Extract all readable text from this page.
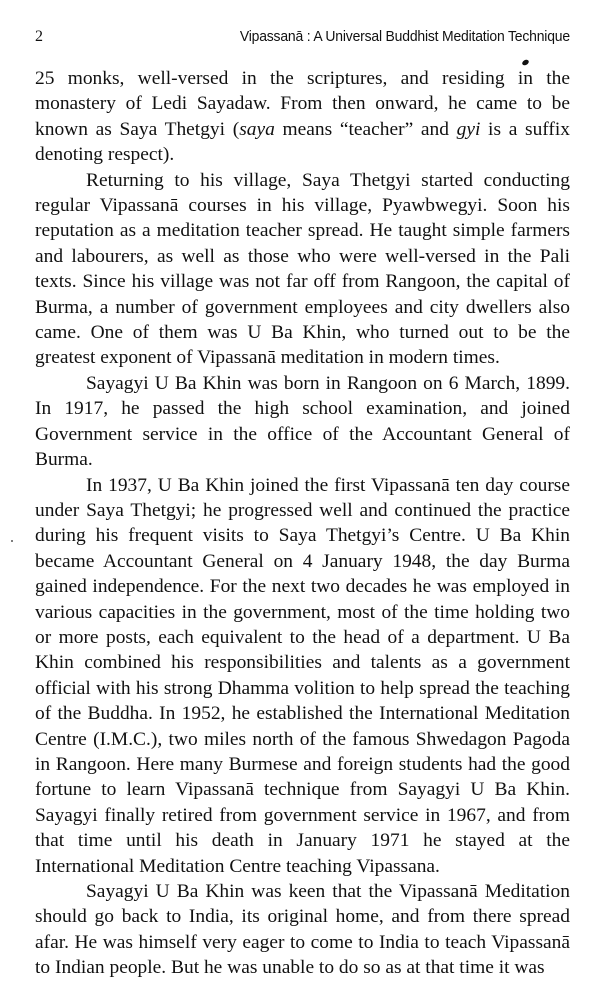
2	Vipassanā : A Universal Buddhist Meditation Technique

25 monks, well-versed in the scriptures, and residing in the monastery of Ledi Sayadaw. From then onward, he came to be known as Saya Thetgyi (saya means “teacher” and gyi is a suffix denoting respect).

Returning to his village, Saya Thetgyi started conducting regular Vipassanā courses in his village, Pyawbwegyi. Soon his reputation as a meditation teacher spread. He taught simple farmers and labourers, as well as those who were well-versed in the Pali texts. Since his village was not far off from Rangoon, the capital of Burma, a number of government employees and city dwellers also came. One of them was U Ba Khin, who turned out to be the greatest exponent of Vipassanā meditation in modern times.

Sayagyi U Ba Khin was born in Rangoon on 6 March, 1899. In 1917, he passed the high school examination, and joined Government service in the office of the Accountant General of Burma.

In 1937, U Ba Khin joined the first Vipassanā ten day course under Saya Thetgyi; he progressed well and continued the practice during his frequent visits to Saya Thetgyi’s Centre. U Ba Khin became Accountant General on 4 January 1948, the day Burma gained independence. For the next two decades he was employed in various capacities in the government, most of the time holding two or more posts, each equivalent to the head of a department. U Ba Khin combined his responsibilities and talents as a government official with his strong Dhamma volition to help spread the teaching of the Buddha. In 1952, he established the International Meditation Centre (I.M.C.), two miles north of the famous Shwedagon Pagoda in Rangoon. Here many Burmese and foreign students had the good fortune to learn Vipassanā technique from Sayagyi U Ba Khin. Sayagyi finally retired from government service in 1967, and from that time until his death in January 1971 he stayed at the International Meditation Centre teaching Vipassana.

Sayagyi U Ba Khin was keen that the Vipassanā Meditation should go back to India, its original home, and from there spread afar. He was himself very eager to come to India to teach Vipassanā to Indian people. But he was unable to do so as at that time it was
